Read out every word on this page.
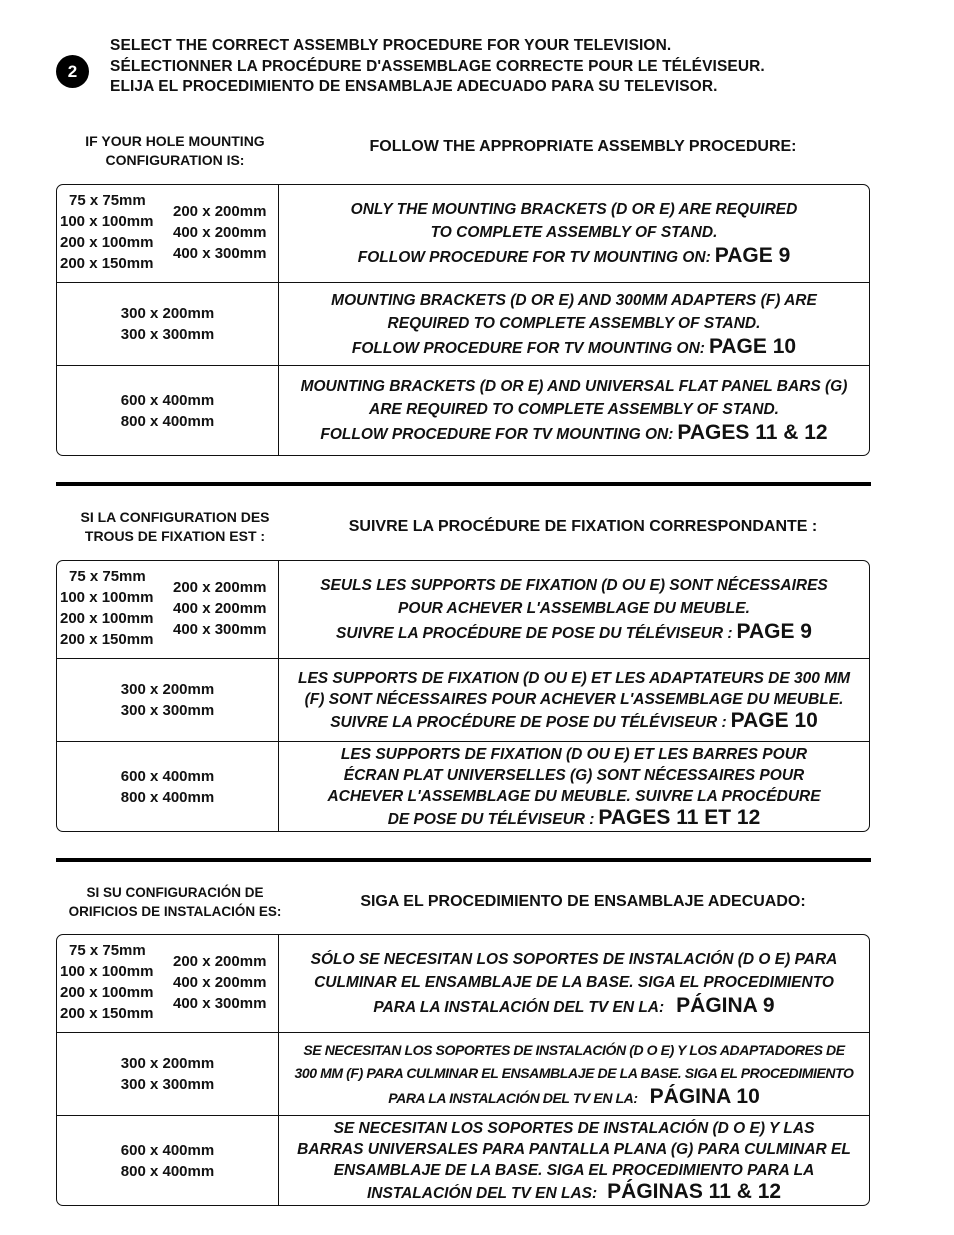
2
SELECT THE CORRECT ASSEMBLY PROCEDURE FOR YOUR TELEVISION.
SÉLECTIONNER LA PROCÉDURE D'ASSEMBLAGE CORRECTE POUR LE TÉLÉVISEUR.
ELIJA EL PROCEDIMIENTO DE ENSAMBLAJE ADECUADO PARA SU TELEVISOR.
IF YOUR HOLE MOUNTING
CONFIGURATION IS:
FOLLOW THE APPROPRIATE ASSEMBLY PROCEDURE:
75 x 75mm
100 x 100mm
200 x 100mm
200 x 150mm
200 x 200mm
400 x 200mm
400 x 300mm
ONLY THE MOUNTING BRACKETS (D OR E) ARE REQUIRED
TO COMPLETE ASSEMBLY OF STAND.
FOLLOW PROCEDURE FOR TV MOUNTING ON: PAGE 9
300 x 200mm
300 x 300mm
MOUNTING BRACKETS (D OR E) AND 300MM ADAPTERS (F) ARE
REQUIRED TO COMPLETE ASSEMBLY OF STAND.
FOLLOW PROCEDURE FOR TV MOUNTING ON: PAGE 10
600 x 400mm
800 x 400mm
MOUNTING BRACKETS (D OR E) AND UNIVERSAL FLAT PANEL BARS (G)
ARE REQUIRED TO COMPLETE ASSEMBLY OF STAND.
FOLLOW PROCEDURE FOR TV MOUNTING ON: PAGES 11 & 12
SI LA CONFIGURATION DES
TROUS DE FIXATION EST :
SUIVRE LA PROCÉDURE DE FIXATION CORRESPONDANTE :
75 x 75mm
100 x 100mm
200 x 100mm
200 x 150mm
200 x 200mm
400 x 200mm
400 x 300mm
SEULS LES SUPPORTS DE FIXATION (D OU E) SONT NÉCESSAIRES
POUR ACHEVER L'ASSEMBLAGE DU MEUBLE.
SUIVRE LA PROCÉDURE DE POSE DU TÉLÉVISEUR : PAGE 9
300 x 200mm
300 x 300mm
LES SUPPORTS DE FIXATION (D OU E) ET LES ADAPTATEURS DE 300 MM
(F) SONT NÉCESSAIRES POUR ACHEVER L'ASSEMBLAGE DU MEUBLE.
SUIVRE LA PROCÉDURE DE POSE DU TÉLÉVISEUR : PAGE 10
600 x 400mm
800 x 400mm
LES SUPPORTS DE FIXATION (D OU E) ET LES BARRES POUR
ÉCRAN PLAT UNIVERSELLES (G) SONT NÉCESSAIRES POUR
ACHEVER L'ASSEMBLAGE DU MEUBLE. SUIVRE LA PROCÉDURE
DE POSE DU TÉLÉVISEUR : PAGES 11 ET 12
SI SU CONFIGURACIÓN DE
ORIFICIOS DE INSTALACIÓN ES:
SIGA EL PROCEDIMIENTO DE ENSAMBLAJE ADECUADO:
75 x 75mm
100 x 100mm
200 x 100mm
200 x 150mm
200 x 200mm
400 x 200mm
400 x 300mm
SÓLO SE NECESITAN LOS SOPORTES DE INSTALACIÓN (D O E) PARA
CULMINAR EL ENSAMBLAJE DE LA BASE. SIGA EL PROCEDIMIENTO
PARA LA INSTALACIÓN DEL TV EN LA: PÁGINA 9
300 x 200mm
300 x 300mm
SE NECESITAN LOS SOPORTES DE INSTALACIÓN (D O E) Y LOS ADAPTADORES DE
300 MM (F) PARA CULMINAR EL ENSAMBLAJE DE LA BASE. SIGA EL PROCEDIMIENTO
PARA LA INSTALACIÓN DEL TV EN LA: PÁGINA 10
600 x 400mm
800 x 400mm
SE NECESITAN LOS SOPORTES DE INSTALACIÓN (D O E) Y LAS
BARRAS UNIVERSALES PARA PANTALLA PLANA (G) PARA CULMINAR EL
ENSAMBLAJE DE LA BASE. SIGA EL PROCEDIMIENTO PARA LA
INSTALACIÓN DEL TV EN LAS: PÁGINAS 11 & 12
